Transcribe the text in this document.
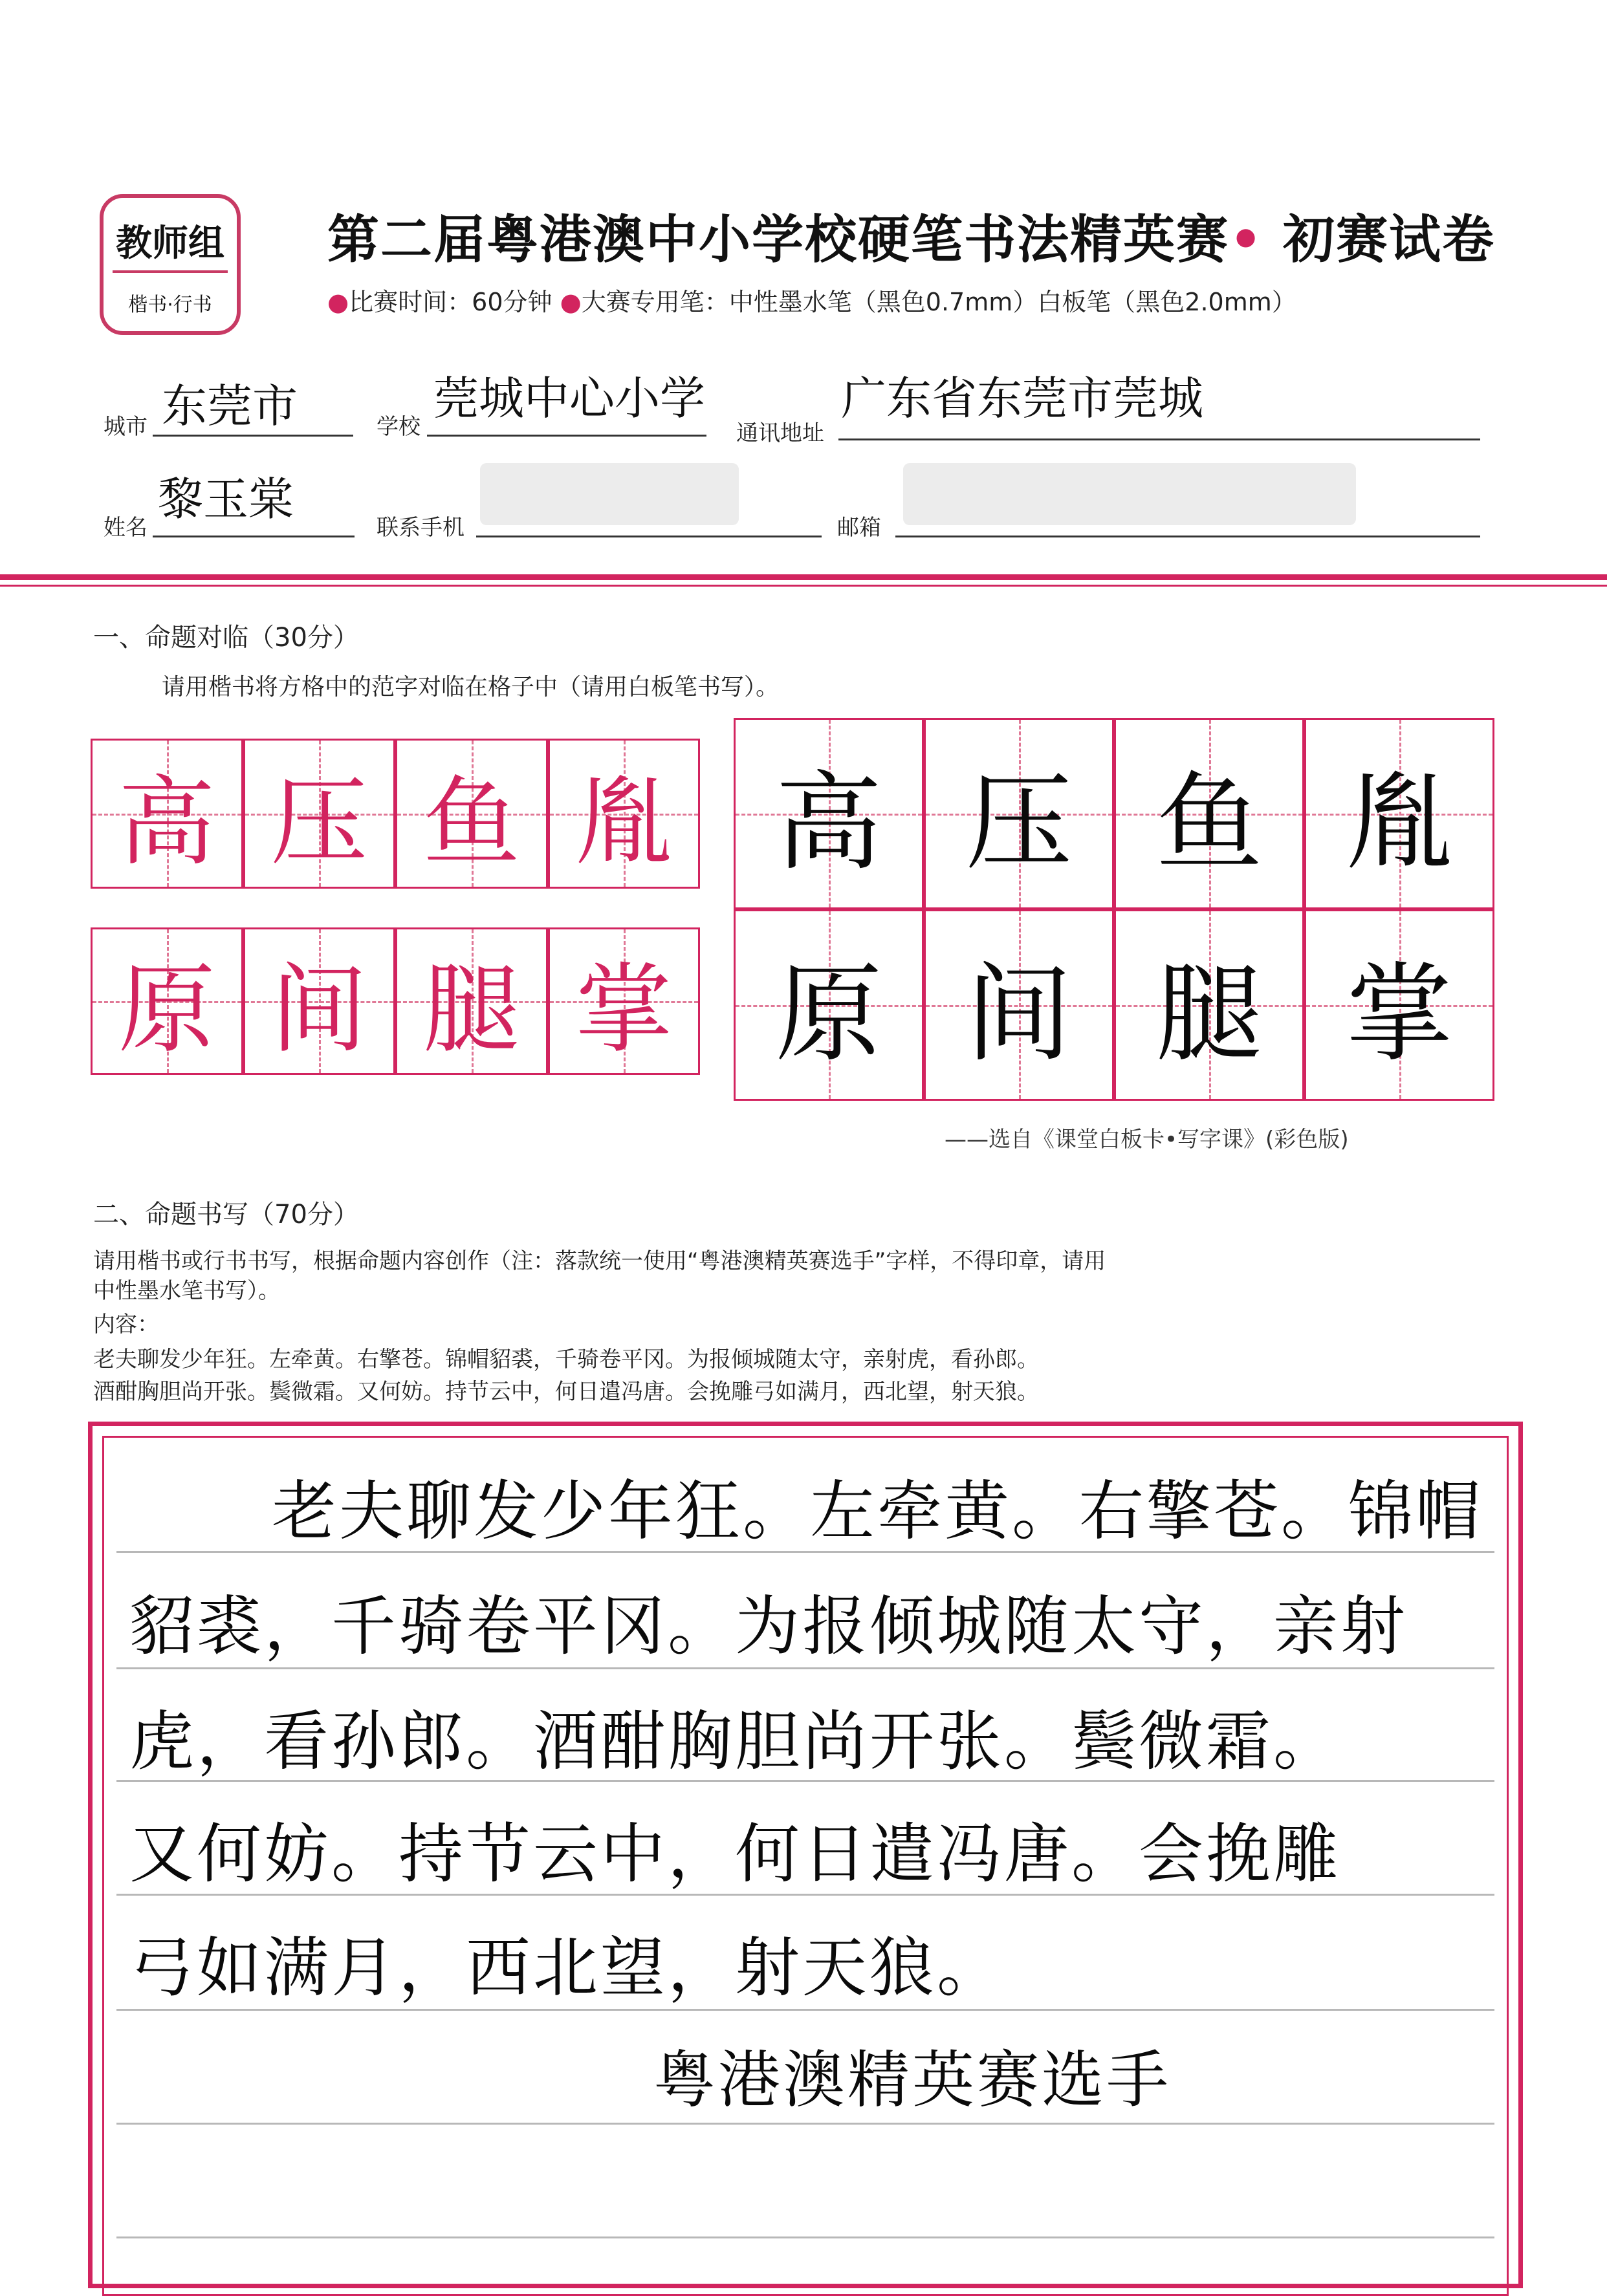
教师组
楷书·行书
第二届粤港澳中小学校硬笔书法精英赛• 初赛试卷
●比赛时间：60分钟 ●大赛专用笔：中性墨水笔（黑色0.7mm）白板笔（黑色2.0mm）
城市 东莞市	学校
莞城中心小学
通讯地址
广东省东莞市莞城
姓名
黎玉棠
联系手机	邮箱
一、命题对临（30分）
请用楷书将方格中的范字对临在格子中（请用白板笔书写）。
高 压 鱼 胤
原 间 腿 掌
高 压 鱼 胤
原 间 腿 掌
——选自《课堂白板卡•写字课》(彩色版)
二、命题书写（70分）
请用楷书或行书书写，根据命题内容创作（注：落款统一使用“粤港澳精英赛选手”字样，不得印章，请用
中性墨水笔书写）。
内容：
老夫聊发少年狂。左牵黄。右擎苍。锦帽貂裘，千骑卷平冈。为报倾城随太守，亲射虎，看孙郎。
酒酣胸胆尚开张。鬓微霜。又何妨。持节云中，何日遣冯唐。会挽雕弓如满月，西北望，射天狼。
老夫聊发少年狂。左牵黄。右擎苍。锦帽
貂裘，千骑卷平冈。为报倾城随太守，亲射
虎，看孙郎。酒酣胸胆尚开张。鬓微霜。
又何妨。持节云中，何日遣冯唐。会挽雕
弓如满月，西北望，射天狼。
粤港澳精英赛选手
